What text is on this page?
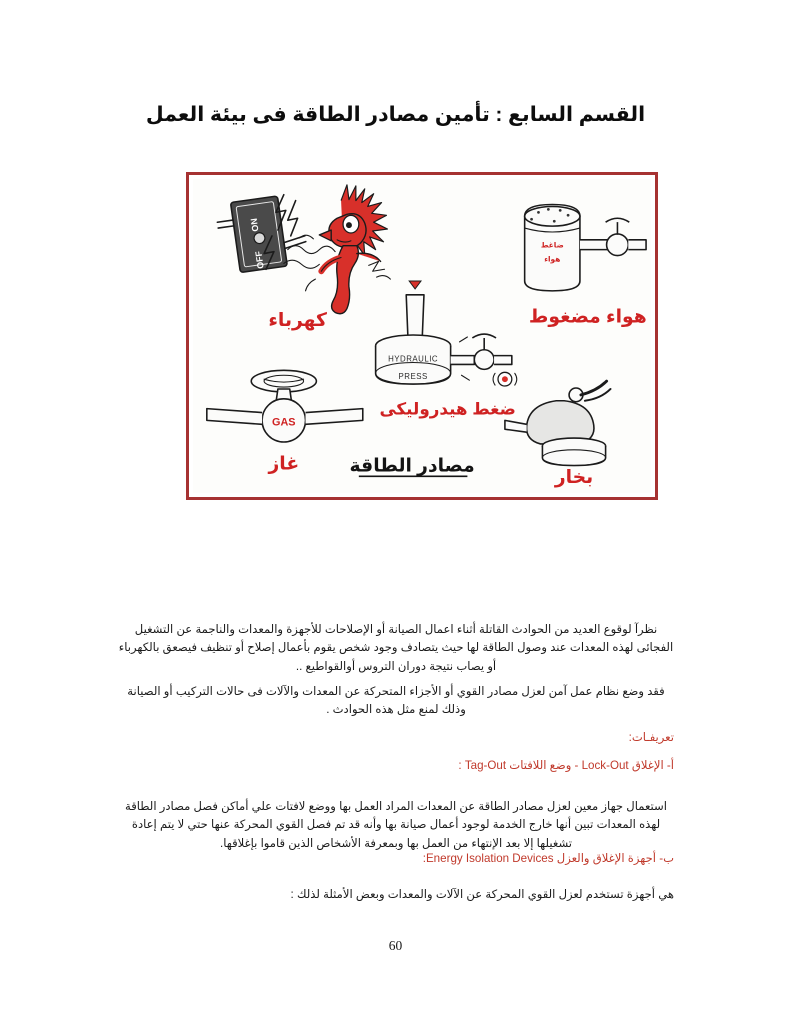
القسم السابع : تأمين مصادر الطاقة فى بيئة العمل
ON
OFF
كهرباء
ضاغط
هواء
هواء مضغوط
HYDRAULIC
PRESS
ضغط هيدروليكى
GAS
غاز
بخار
مصادر الطاقة

نظرآ لوقوع العديد من الحوادث القاتلة أثناء اعمال الصيانة أو الإصلاحات للأجهزة والمعدات والناجمة عن التشغيل الفجائى لهذه المعدات عند وصول الطاقة لها حيث يتصادف وجود شخص يقوم بأعمال إصلاح أو تنظيف فيصعق بالكهرباء أو يصاب نتيجة دوران التروس أوالقواطيع ..

فقد وضع نظام عمل آمن لعزل مصادر القوي أو الأجزاء المتحركة عن المعدات والآلات فى حالات التركيب أو الصيانة وذلك لمنع مثل هذه الحوادث .

تعريفـات:
أ- الإغلاق Lock-Out - وضع اللافتات Tag-Out :

استعمال جهاز معين لعزل مصادر الطاقة عن المعدات المراد العمل بها ووضع لافتات علي أماكن فصل مصادر الطاقة لهذه المعدات تبين أنها خارج الخدمة لوجود أعمال صيانة بها وأنه قد تم فصل القوي المحركة عنها حتي لا يتم إعادة تشغيلها إلا بعد الإنتهاء من العمل بها وبمعرفة الأشخاص الذين قاموا بإغلاقها.

ب- أجهزة الإغلاق والعزل Energy Isolation Devices:
هي أجهزة تستخدم لعزل القوي المحركة عن الآلات والمعدات وبعض الأمثلة لذلك :
60
